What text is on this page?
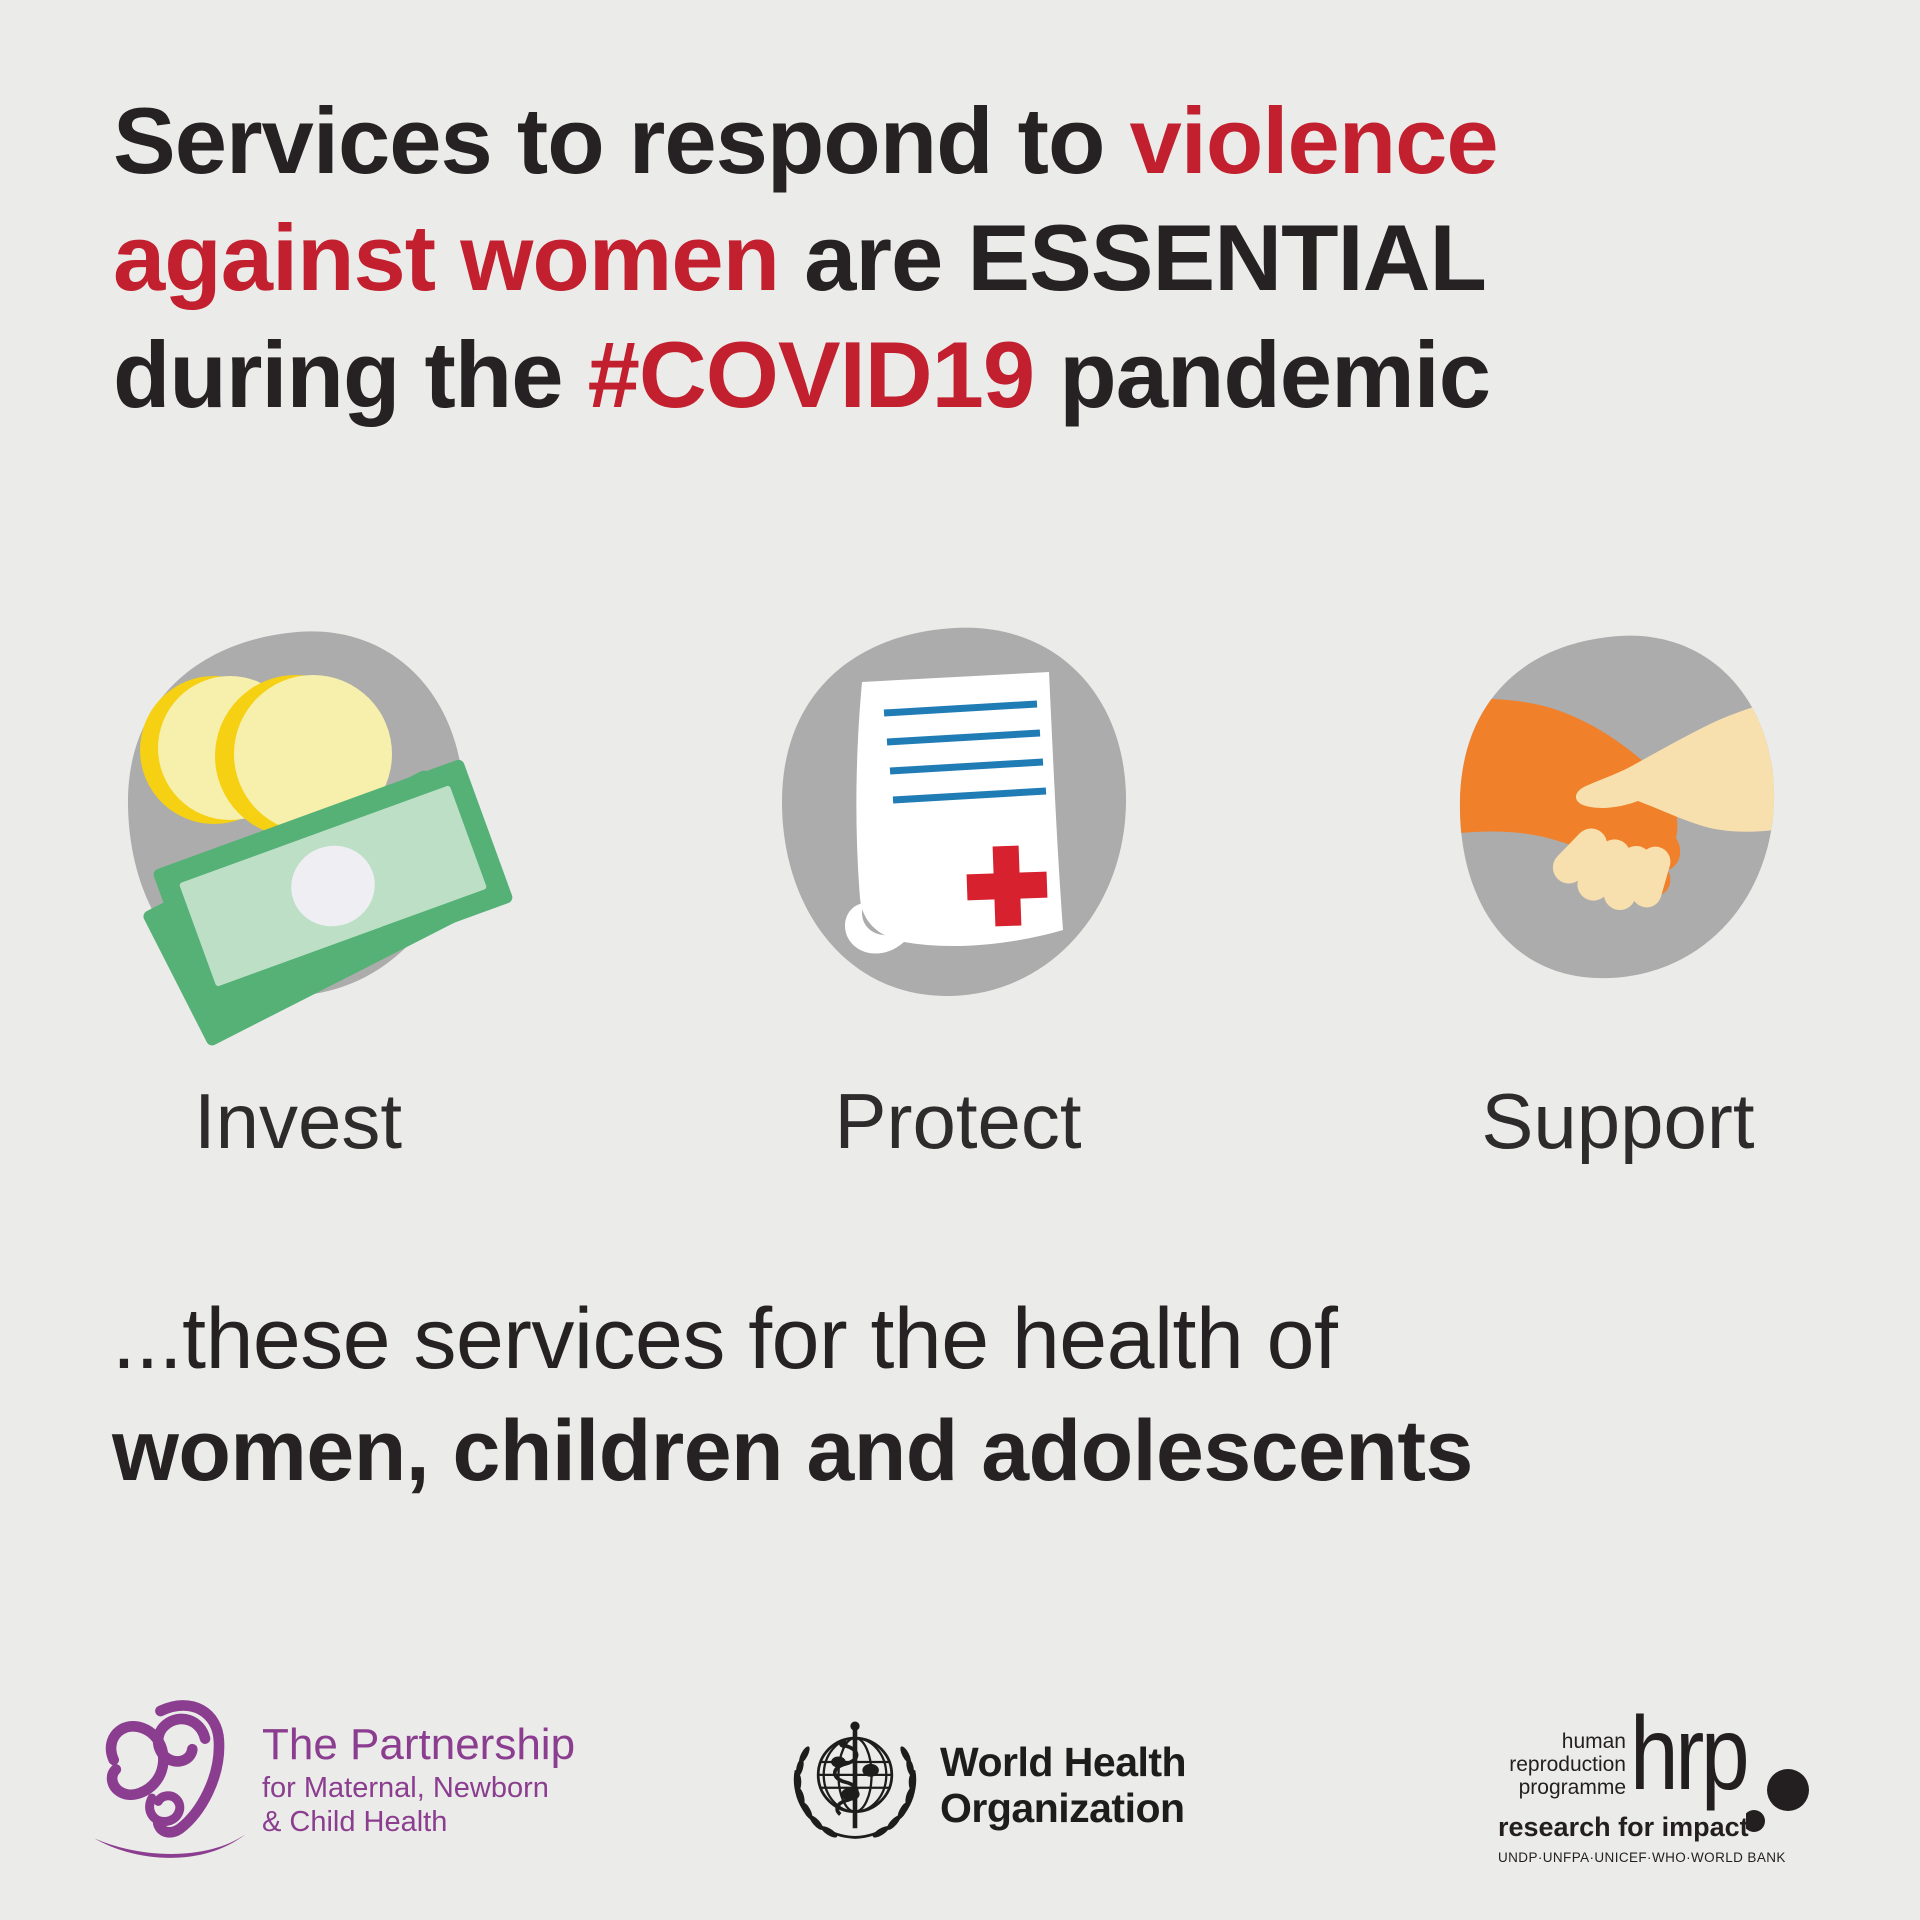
Services to respond to violence
against women are ESSENTIAL
during the #COVID19 pandemic
Invest	Protect	Support
...these services for the health of
women, children and adolescents
The Partnership
for Maternal, Newborn
& Child Health
World Health
Organization
human
reproduction
programme hrp
research for impact
UNDP·UNFPA·UNICEF·WHO·WORLD BANK
